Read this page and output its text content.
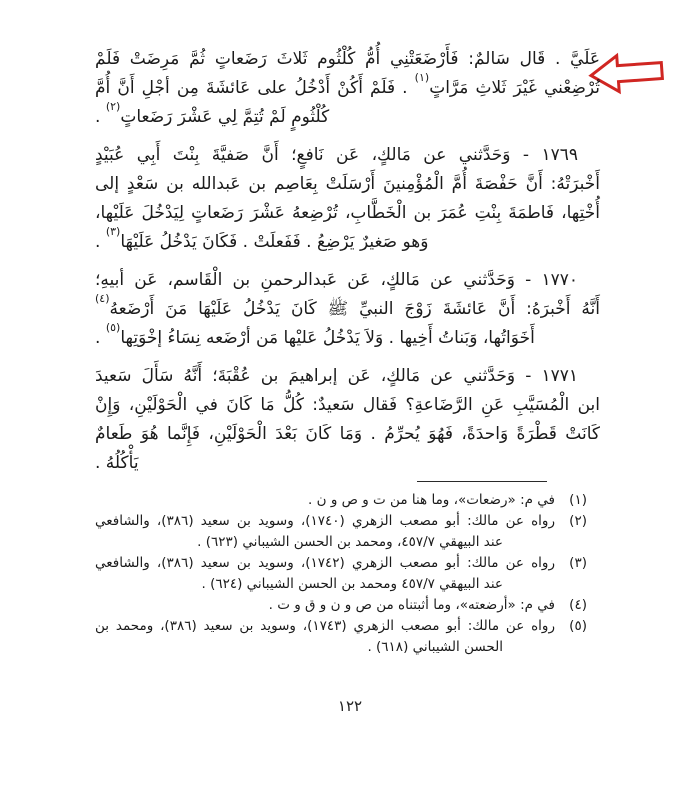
عَلَيَّ . قَال سَالمٌ: فَأَرْضَعَتْنِي أُمُّ كُلْثُوم ثَلاثَ رَضَعاتٍ ثُمَّ مَرِضَتْ فَلَمْ
تُرْضِعْني غَيْرَ ثَلاثِ مَرَّاتٍ$^{(١)}$ . فَلَمْ أَكُنْ أَدْخُلُ على عَائشَةَ مِن أجْلِ أَنَّ أُمَّ
كُلْثُومٍ لَمْ تُتِمَّ لِي عَشْرَ رَضَعاتٍ$^{(٢)}$ .
١٧٦٩ - وَحَدَّثني عن مَالكٍ، عَن نَافعٍ؛ أَنَّ صَفيَّةَ بِنْتَ أَبِي عُبَيْدٍ
أَخْبرَتْهُ: أَنَّ حَفْصَةَ أُمَّ الْمُؤْمِنينَ أَرْسَلَتْ بِعَاصِم بن عَبدالله بن سَعْدٍ إلى
أُخْتِها، فَاطمَةَ بِنْتِ عُمَرَ بن الْخَطَّابِ، تُرْضِعهُ عَشْرَ رَضَعاتٍ لِيَدْخُلَ عَلَيْها،
وَهو صَغيرٌ يَرْضِعُ . فَفَعلَتْ . فَكَانَ يَدْخُلُ عَلَيْهَا$^{(٣)}$ .
١٧٧٠ - وَحَدَّثني عن مَالكٍ، عَن عَبدالرحمنِ بن الْقَاسم، عَن أبيهِ؛
أَنَّهُ أَخْبرَهُ: أَنَّ عَائشَةَ زَوْجَ النبيِّ ﷺ كَانَ يَدْخُلُ عَلَيْهَا مَنَ أَرْضَعهُ$^{(٤)}$
أَخَوَاتُها، وَبَناتُ أَخِيها . وَلاَ يَدْخُلُ عَليْها مَن أرْضَعه نِسَاءُ إخْوَتِها$^{(٥)}$ .
١٧٧١ - وَحَدَّثني عن مَالكٍ، عَن إبراهيمَ بن عُقْبَةَ؛ أَنَّهُ سَأَلَ سَعيدَ
ابن الْمُسَيَّبِ عَنِ الرَّضَاعةِ؟ فَقال سَعيدٌ: كُلُّ مَا كَانَ في الْحَوْلَيْنِ، وَإِنْ
كَانَتْ قَطْرَةً وَاحدَةً، فَهُوَ يُحرِّمُ . وَمَا كَانَ بَعْدَ الْحَوْلَيْنِ، فَإِنَّما هُوَ طَعامٌ
يَأْكُلُهُ .
(١)
في م: «رضعات»، وما هنا من ت و ص و ن .
(٢)
رواه عن مالك: أبو مصعب الزهري (١٧٤٠)، وسويد بن سعيد (٣٨٦)، والشافعي
عند البيهقي ٤٥٧/٧، ومحمد بن الحسن الشيباني (٦٢٣) .
(٣)
رواه عن مالك: أبو مصعب الزهري (١٧٤٢)، وسويد بن سعيد (٣٨٦)، والشافعي
عند البيهقي ٤٥٧/٧ ومحمد بن الحسن الشيباني (٦٢٤) .
(٤)
في م: «أرضعته»، وما أثبتناه من ص و ن و ق و ت .
(٥)
رواه عن مالك: أبو مصعب الزهري (١٧٤٣)، وسويد بن سعيد (٣٨٦)، ومحمد بن
الحسن الشيباني (٦١٨) .
١٢٢
